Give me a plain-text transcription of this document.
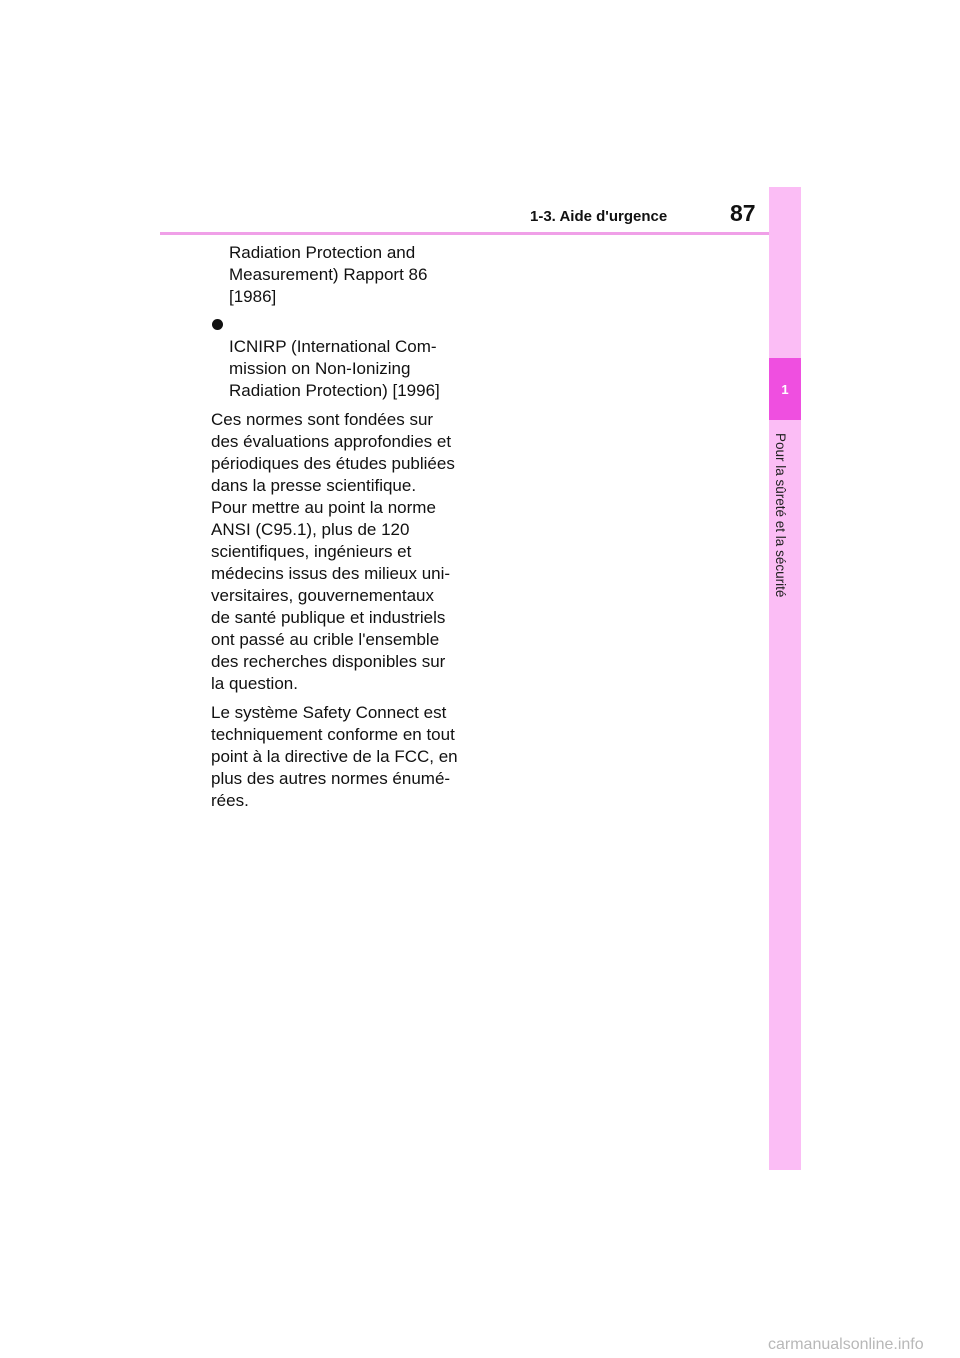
1-3. Aide d'urgence	87
1
Pour la sûreté et la sécurité

Radiation Protection and
Measurement) Rapport 86
[1986]

ICNIRP (International Com-
mission on Non-Ionizing
Radiation Protection) [1996]

Ces normes sont fondées sur
des évaluations approfondies et
périodiques des études publiées
dans la presse scientifique.
Pour mettre au point la norme
ANSI (C95.1), plus de 120
scientifiques, ingénieurs et
médecins issus des milieux uni-
versitaires, gouvernementaux
de santé publique et industriels
ont passé au crible l'ensemble
des recherches disponibles sur
la question.

Le système Safety Connect est
techniquement conforme en tout
point à la directive de la FCC, en
plus des autres normes énumé-
rées.

carmanualsonline.info
